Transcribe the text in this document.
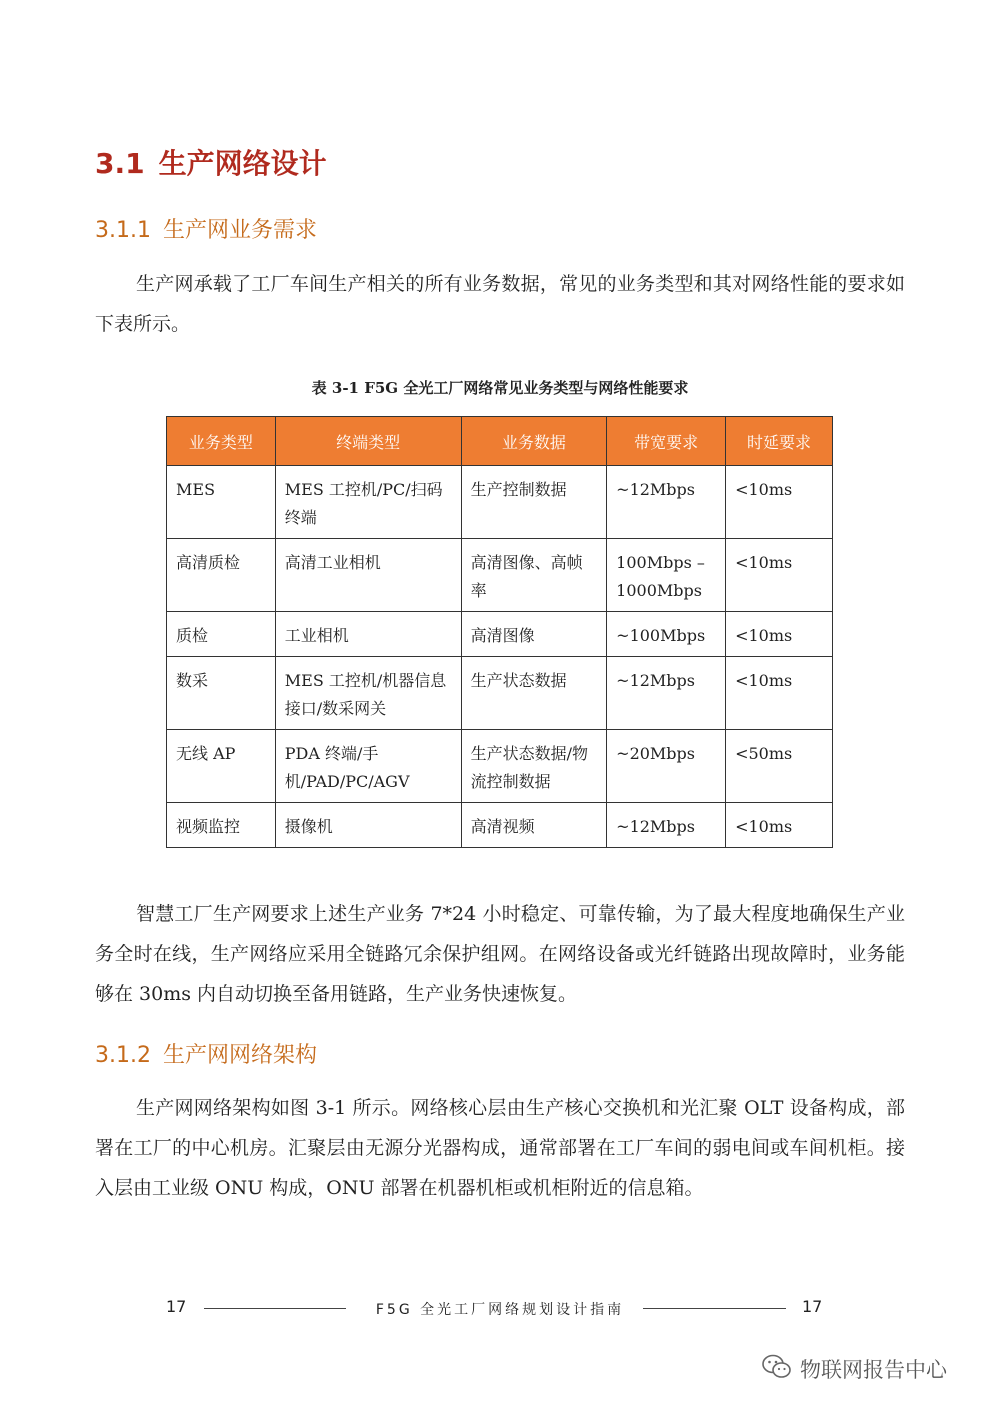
3.1 生产网络设计
3.1.1 生产网业务需求

生产网承载了工厂车间生产相关的所有业务数据，常见的业务类型和其对网络性能的要求如下表所示。

表 3-1 F5G 全光工厂网络常见业务类型与网络性能要求
业务类型	终端类型	业务数据	带宽要求	时延要求
MES	MES 工控机/PC/扫码终端	生产控制数据	~12Mbps	<10ms
高清质检	高清工业相机	高清图像、高帧率	100Mbps – 1000Mbps	<10ms
质检	工业相机	高清图像	~100Mbps	<10ms
数采	MES 工控机/机器信息接口/数采网关	生产状态数据	~12Mbps	<10ms
无线 AP	PDA 终端/手机/PAD/PC/AGV	生产状态数据/物流控制数据	~20Mbps	<50ms
视频监控	摄像机	高清视频	~12Mbps	<10ms

智慧工厂生产网要求上述生产业务 7*24 小时稳定、可靠传输，为了最大程度地确保生产业务全时在线，生产网络应采用全链路冗余保护组网。在网络设备或光纤链路出现故障时，业务能够在 30ms 内自动切换至备用链路，生产业务快速恢复。

3.1.2 生产网网络架构

生产网网络架构如图 3-1 所示。网络核心层由生产核心交换机和光汇聚 OLT 设备构成，部署在工厂的中心机房。汇聚层由无源分光器构成，通常部署在工厂车间的弱电间或车间机柜。接入层由工业级 ONU 构成，ONU 部署在机器机柜或机柜附近的信息箱。

17	F5G 全光工厂网络规划设计指南	17
物联网报告中心
